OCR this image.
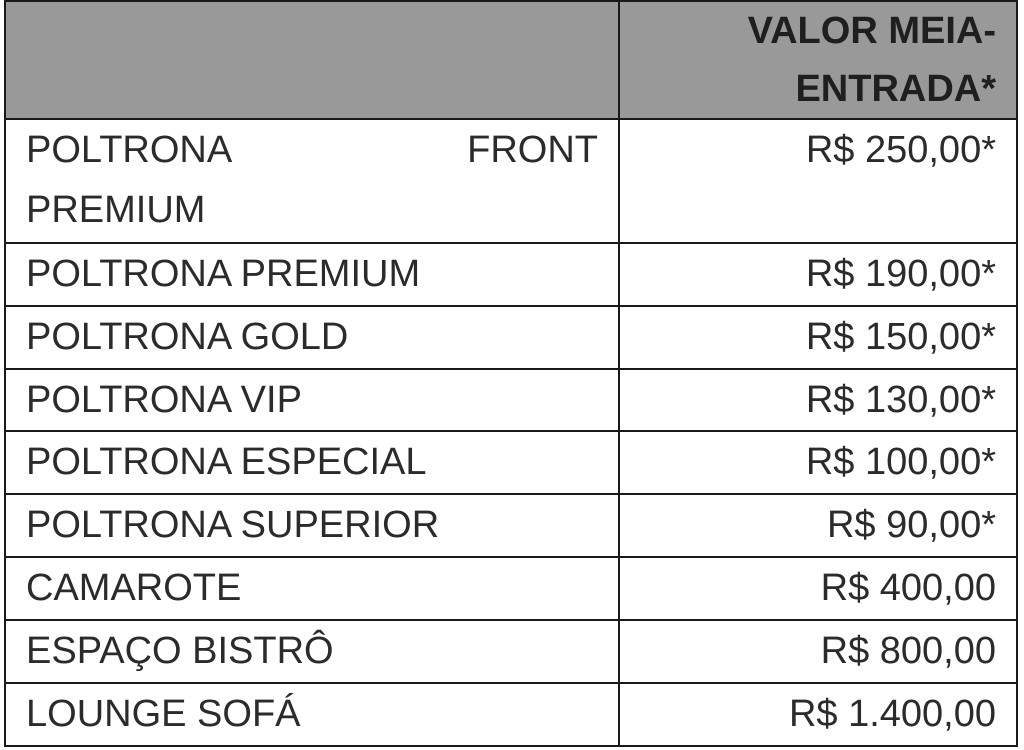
	VALOR MEIA-
ENTRADA*

POLTRONA FRONT
PREMIUM	R$ 250,00*
POLTRONA PREMIUM	R$ 190,00*
POLTRONA GOLD	R$ 150,00*
POLTRONA VIP	R$ 130,00*
POLTRONA ESPECIAL	R$ 100,00*
POLTRONA SUPERIOR	R$ 90,00*
CAMAROTE	R$ 400,00
ESPAÇO BISTRÔ	R$ 800,00
LOUNGE SOFÁ	R$ 1.400,00
